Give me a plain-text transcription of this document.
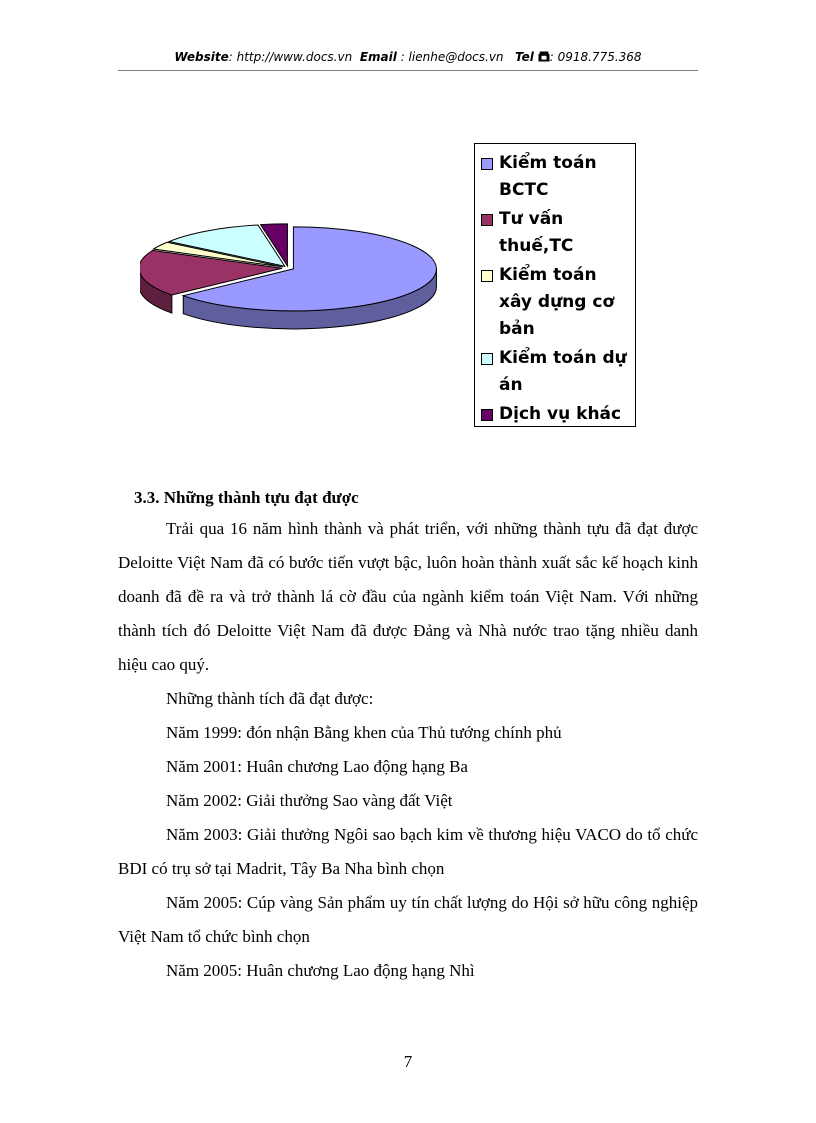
Website: http://www.docs.vn Email : lienhe@docs.vn Tel : 0918.775.368
Kiểm toán BCTC
Tư vấn thuế,TC
Kiểm toán xây dựng cơ bản
Kiểm toán dự án
Dịch vụ khác
3.3. Những thành tựu đạt được

Trải qua 16 năm hình thành và phát triển, với những thành tựu đã đạt được Deloitte Việt Nam đã có bước tiến vượt bậc, luôn hoàn thành xuất sắc kế hoạch kinh doanh đã đề ra và trở thành lá cờ đầu của ngành kiểm toán Việt Nam. Với những thành tích đó Deloitte Việt Nam đã được Đảng và Nhà nước trao tặng nhiều danh hiệu cao quý.

Những thành tích đã đạt được:

Năm 1999: đón nhận Bằng khen của Thủ tướng chính phủ

Năm 2001: Huân chương Lao động hạng Ba

Năm 2002: Giải thưởng Sao vàng đất Việt

Năm 2003: Giải thưởng Ngôi sao bạch kim về thương hiệu VACO do tổ chức BDI có trụ sở tại Madrit, Tây Ba Nha bình chọn

Năm 2005: Cúp vàng Sản phẩm uy tín chất lượng do Hội sở hữu công nghiệp Việt Nam tổ chức bình chọn

Năm 2005: Huân chương Lao động hạng Nhì

7
